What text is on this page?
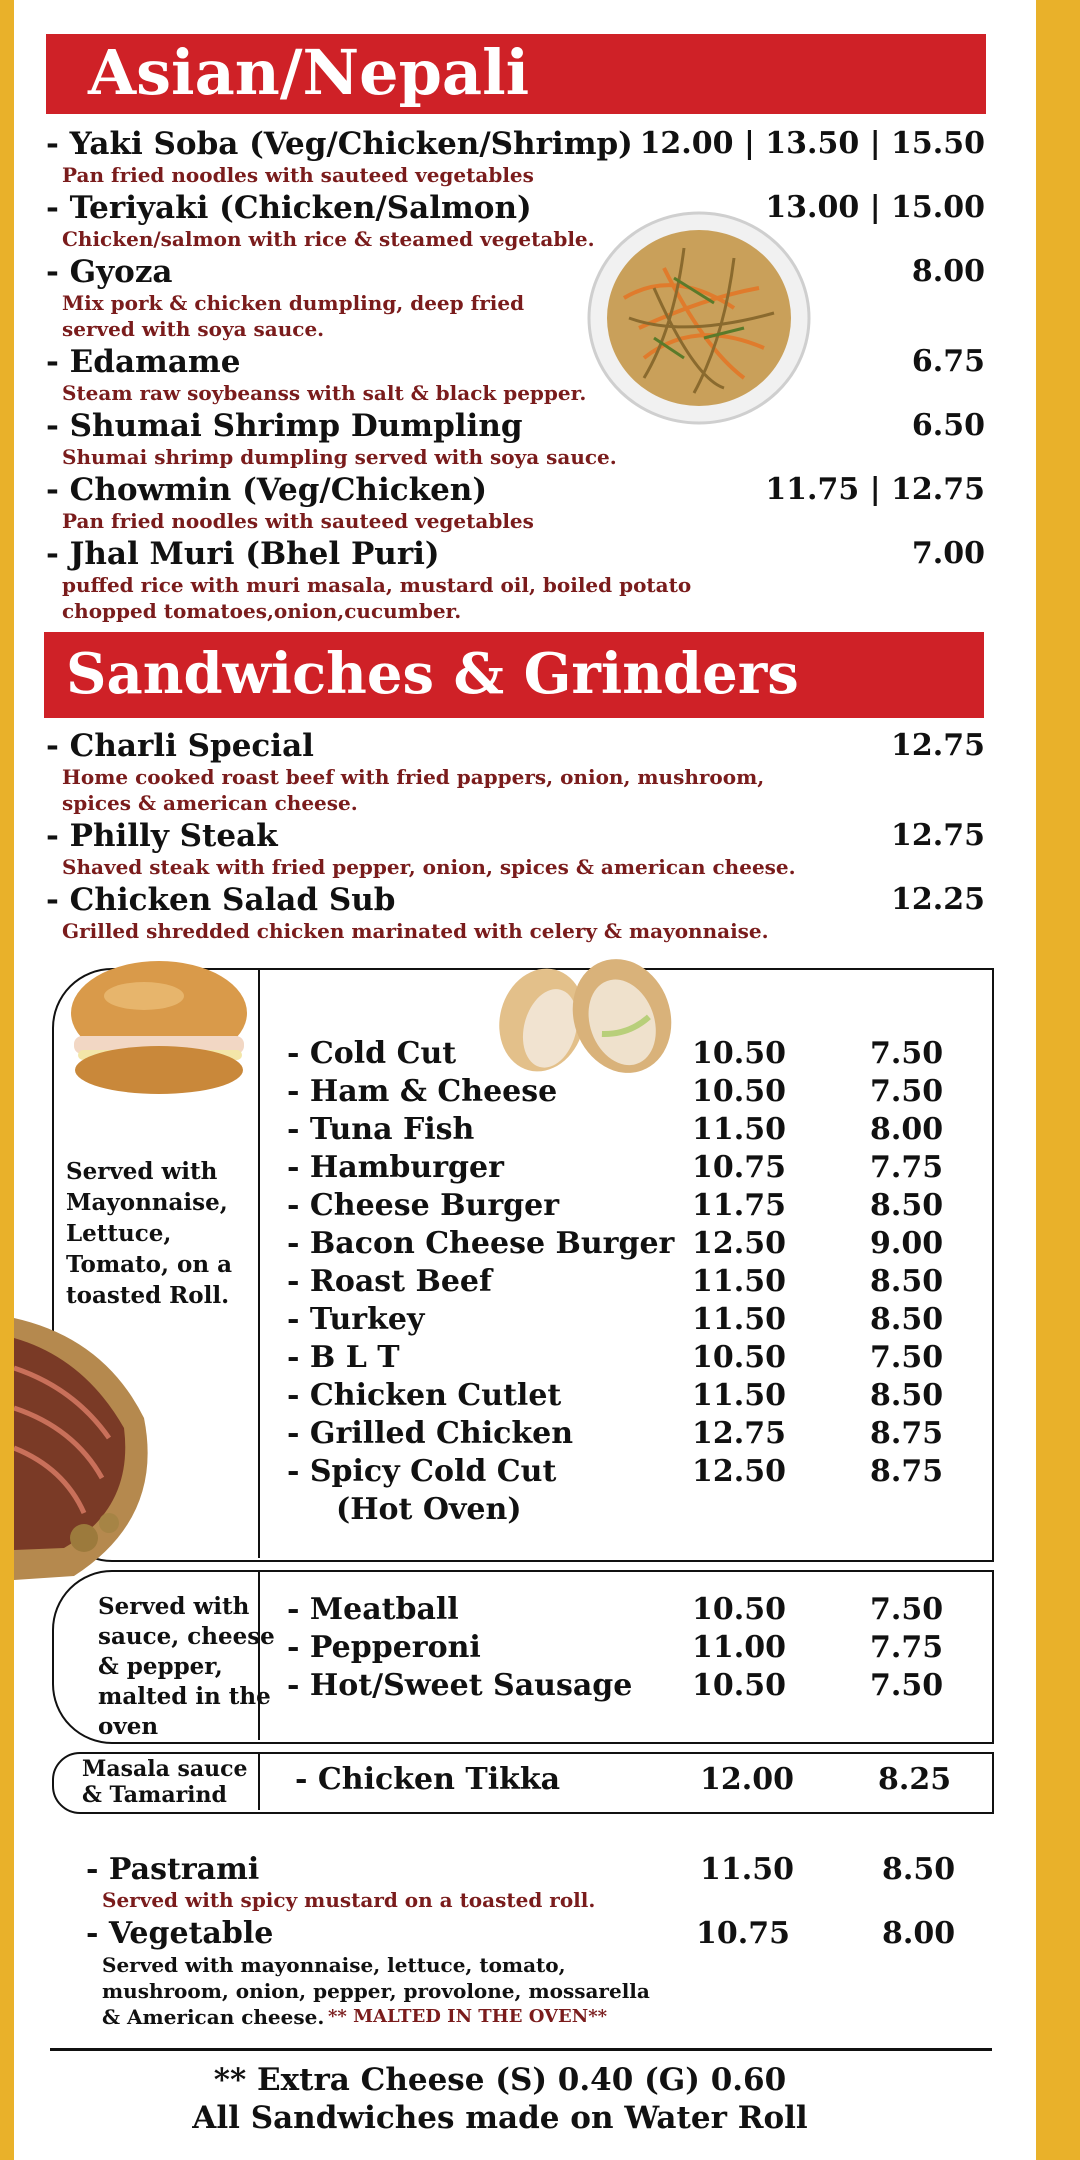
Asian/Nepali
- Yaki Soba (Veg/Chicken/Shrimp) 12.00 | 13.50 | 15.50
Pan fried noodles with sauteed vegetables
- Teriyaki (Chicken/Salmon)	13.00 | 15.00
Chicken/salmon with rice & steamed vegetable.
- Gyoza	8.00
Mix pork & chicken dumpling, deep fried
served with soya sauce.
- Edamame	6.75
Steam raw soybeanss with salt & black pepper.
- Shumai Shrimp Dumpling	6.50
Shumai shrimp dumpling served with soya sauce.
- Chowmin (Veg/Chicken)	11.75 | 12.75
Pan fried noodles with sauteed vegetables
- Jhal Muri (Bhel Puri)	7.00
puffed rice with muri masala, mustard oil, boiled potato
chopped tomatoes,onion,cucumber.
Sandwiches & Grinders
- Charli Special	12.75
Home cooked roast beef with fried pappers, onion, mushroom,
spices & american cheese.
- Philly Steak	12.75
Shaved steak with fried pepper, onion, spices & american cheese.
- Chicken Salad Sub	12.25
Grilled shredded chicken marinated with celery & mayonnaise.
Served with
Mayonnaise,
Lettuce,
Tomato, on a
toasted Roll.
- Cold Cut	10.50	7.50
- Ham & Cheese	10.50	7.50
- Tuna Fish	11.50	8.00
- Hamburger	10.75	7.75
- Cheese Burger	11.75	8.50
- Bacon Cheese Burger 12.50	9.00
- Roast Beef	11.50	8.50
- Turkey	11.50	8.50
- B L T	10.50	7.50
- Chicken Cutlet	11.50	8.50
- Grilled Chicken	12.75	8.75
- Spicy Cold Cut	12.50	8.75
(Hot Oven)
Served with
sauce, cheese
& pepper,
malted in the
oven
- Meatball	10.50	7.50
- Pepperoni	11.00	7.75
- Hot/Sweet Sausage 10.50	7.50
Masala sauce
& Tamarind	- Chicken Tikka	12.00	8.25
- Pastrami	11.50	8.50
Served with spicy mustard on a toasted roll.
- Vegetable	10.75	8.00
Served with mayonnaise, lettuce, tomato,
mushroom, onion, pepper, provolone, mossarella
& American cheese. ** MALTED IN THE OVEN**
** Extra Cheese (S) 0.40 (G) 0.60
All Sandwiches made on Water Roll
